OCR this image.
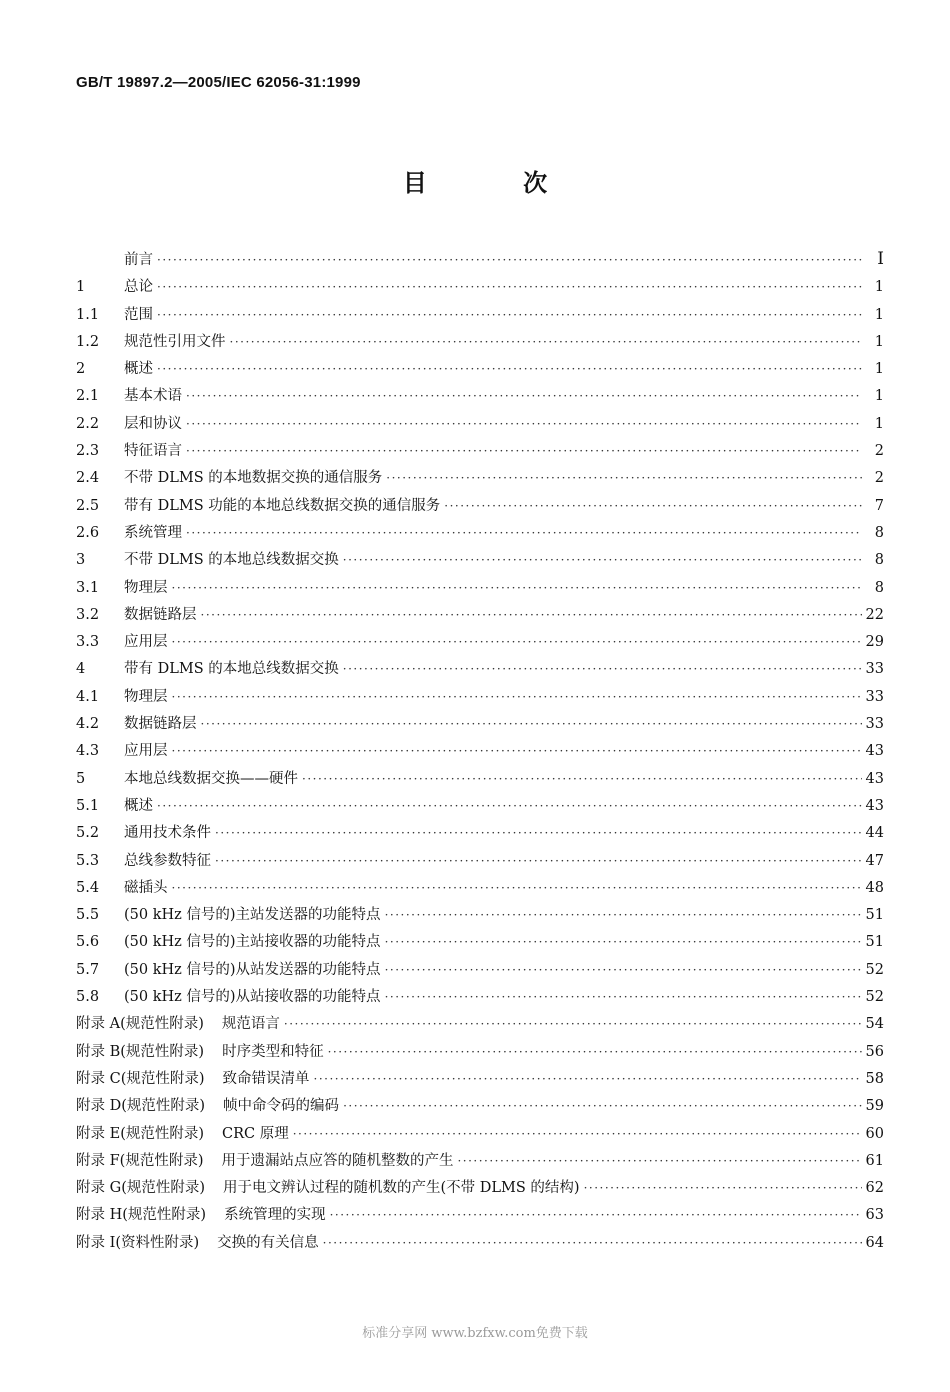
GB/T 19897.2—2005/IEC 62056-31:1999
目 次
前言 ·····	I
1	总论 ·····	1
1.1	范围 ·····	1
1.2	规范性引用文件 ·····	1
2	概述 ·····	1
2.1	基本术语 ·····	1
2.2	层和协议 ·····	1
2.3	特征语言 ·····	2
2.4	不带 DLMS 的本地数据交换的通信服务 ·····	2
2.5	带有 DLMS 功能的本地总线数据交换的通信服务 ·····	7
2.6	系统管理 ·····	8
3	不带 DLMS 的本地总线数据交换 ·····	8
3.1	物理层 ·····	8
3.2	数据链路层 ·····	22
3.3	应用层 ·····	29
4	带有 DLMS 的本地总线数据交换 ·····	33
4.1	物理层 ·····	33
4.2	数据链路层 ·····	33
4.3	应用层 ·····	43
5	本地总线数据交换——硬件 ·····	43
5.1	概述 ·····	43
5.2	通用技术条件 ·····	44
5.3	总线参数特征 ·····	47
5.4	磁插头 ·····	48
5.5	(50 kHz 信号的)主站发送器的功能特点 ·····	51
5.6	(50 kHz 信号的)主站接收器的功能特点 ·····	51
5.7	(50 kHz 信号的)从站发送器的功能特点 ·····	52
5.8	(50 kHz 信号的)从站接收器的功能特点 ·····	52
附录 A(规范性附录) 规范语言 ·····	54
附录 B(规范性附录) 时序类型和特征 ·····	56
附录 C(规范性附录) 致命错误清单 ·····	58
附录 D(规范性附录) 帧中命令码的编码 ·····	59
附录 E(规范性附录) CRC 原理 ·····	60
附录 F(规范性附录) 用于遗漏站点应答的随机整数的产生 ·····	61
附录 G(规范性附录) 用于电文辨认过程的随机数的产生(不带 DLMS 的结构) ·····	62
附录 H(规范性附录) 系统管理的实现 ·····	63
附录 I(资料性附录) 交换的有关信息 ·····	64
标准分享网 www.bzfxw.com免费下载
